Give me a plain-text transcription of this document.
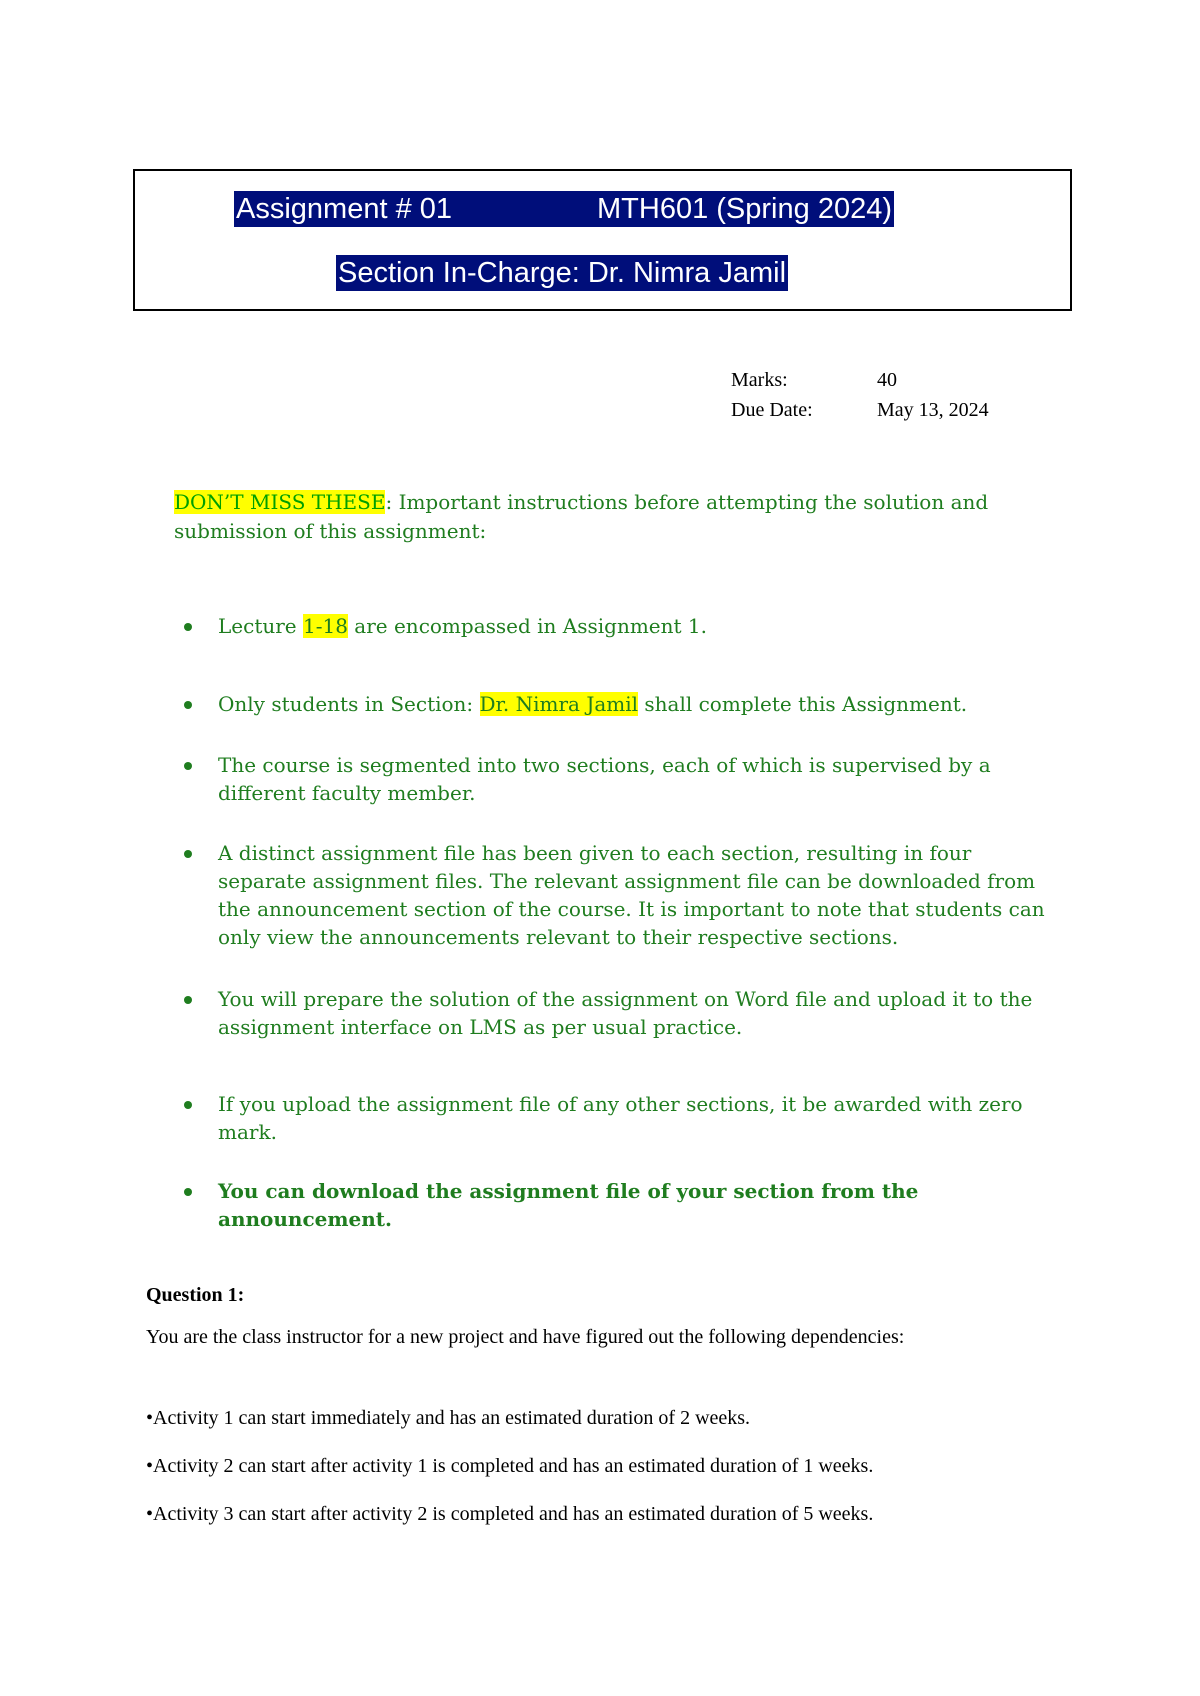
Assignment # 01	MTH601 (Spring 2024)
Section In-Charge: Dr. Nimra Jamil
Marks:	40
Due Date:	May 13, 2024
DON’T MISS THESE: Important instructions before attempting the solution and submission of this assignment:
Lecture 1-18 are encompassed in Assignment 1.
Only students in Section: Dr. Nimra Jamil shall complete this Assignment.
The course is segmented into two sections, each of which is supervised by a different faculty member.
A distinct assignment file has been given to each section, resulting in four separate assignment files. The relevant assignment file can be downloaded from the announcement section of the course. It is important to note that students can only view the announcements relevant to their respective sections.
You will prepare the solution of the assignment on Word file and upload it to the assignment interface on LMS as per usual practice.
If you upload the assignment file of any other sections, it be awarded with zero mark.
You can download the assignment file of your section from the announcement.
Question 1:
You are the class instructor for a new project and have figured out the following dependencies:
•Activity 1 can start immediately and has an estimated duration of 2 weeks.
•Activity 2 can start after activity 1 is completed and has an estimated duration of 1 weeks.
•Activity 3 can start after activity 2 is completed and has an estimated duration of 5 weeks.
